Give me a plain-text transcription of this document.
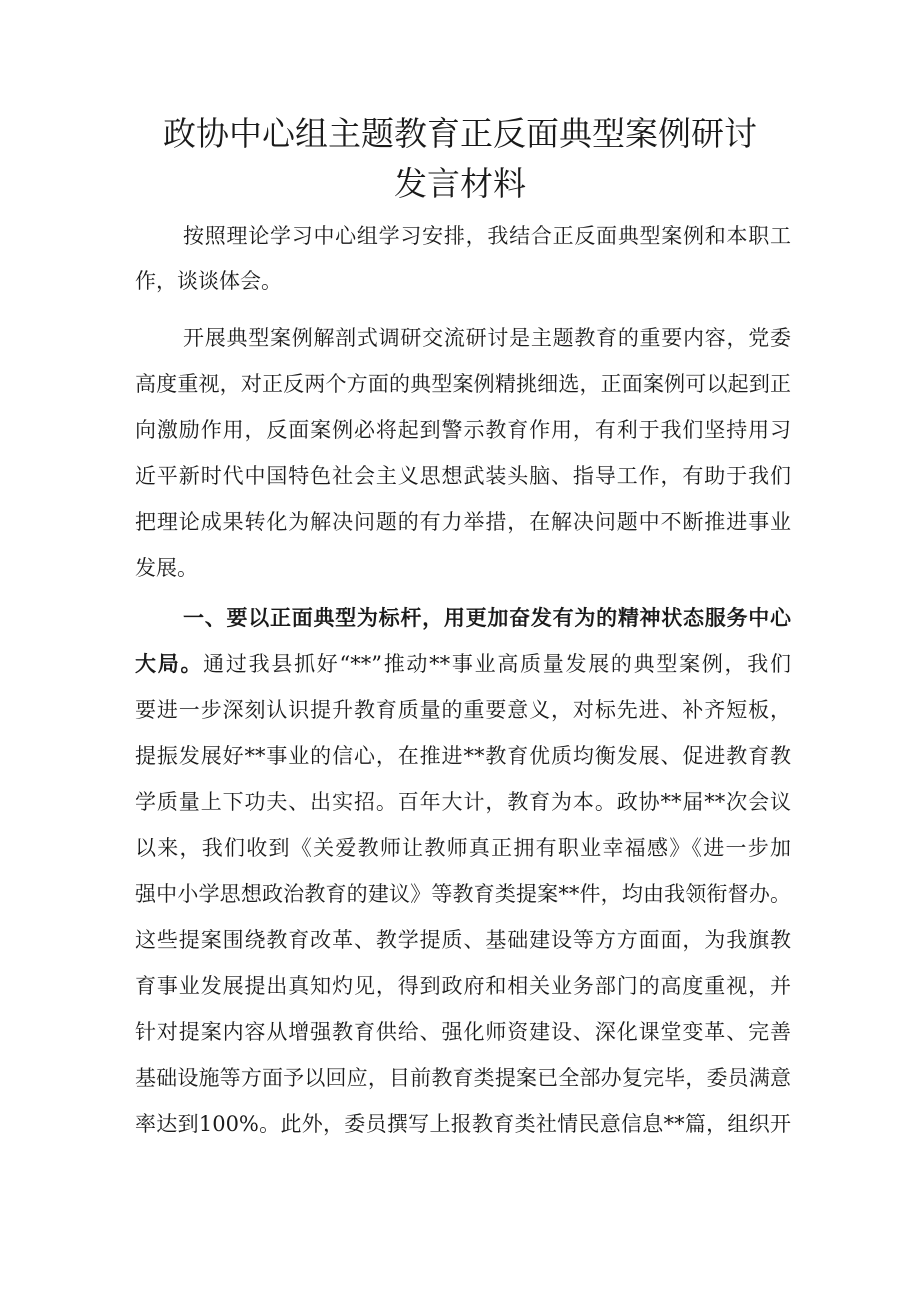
政协中心组主题教育正反面典型案例研讨
发言材料
按照理论学习中心组学习安排，我结合正反面典型案例和本职工
作，谈谈体会。
开展典型案例解剖式调研交流研讨是主题教育的重要内容，党委
高度重视，对正反两个方面的典型案例精挑细选，正面案例可以起到正
向激励作用，反面案例必将起到警示教育作用，有利于我们坚持用习
近平新时代中国特色社会主义思想武装头脑、指导工作，有助于我们
把理论成果转化为解决问题的有力举措，在解决问题中不断推进事业
发展。
一、要以正面典型为标杆，用更加奋发有为的精神状态服务中心
大局。通过我县抓好“**”推动**事业高质量发展的典型案例，我们
要进一步深刻认识提升教育质量的重要意义，对标先进、补齐短板，
提振发展好**事业的信心，在推进**教育优质均衡发展、促进教育教
学质量上下功夫、出实招。百年大计，教育为本。政协**届**次会议
以来，我们收到《关爱教师让教师真正拥有职业幸福感》《进一步加
强中小学思想政治教育的建议》等教育类提案**件，均由我领衔督办。
这些提案围绕教育改革、教学提质、基础建设等方方面面，为我旗教
育事业发展提出真知灼见，得到政府和相关业务部门的高度重视，并
针对提案内容从增强教育供给、强化师资建设、深化课堂变革、完善
基础设施等方面予以回应，目前教育类提案已全部办复完毕，委员满意
率达到100%。此外，委员撰写上报教育类社情民意信息**篇，组织开
